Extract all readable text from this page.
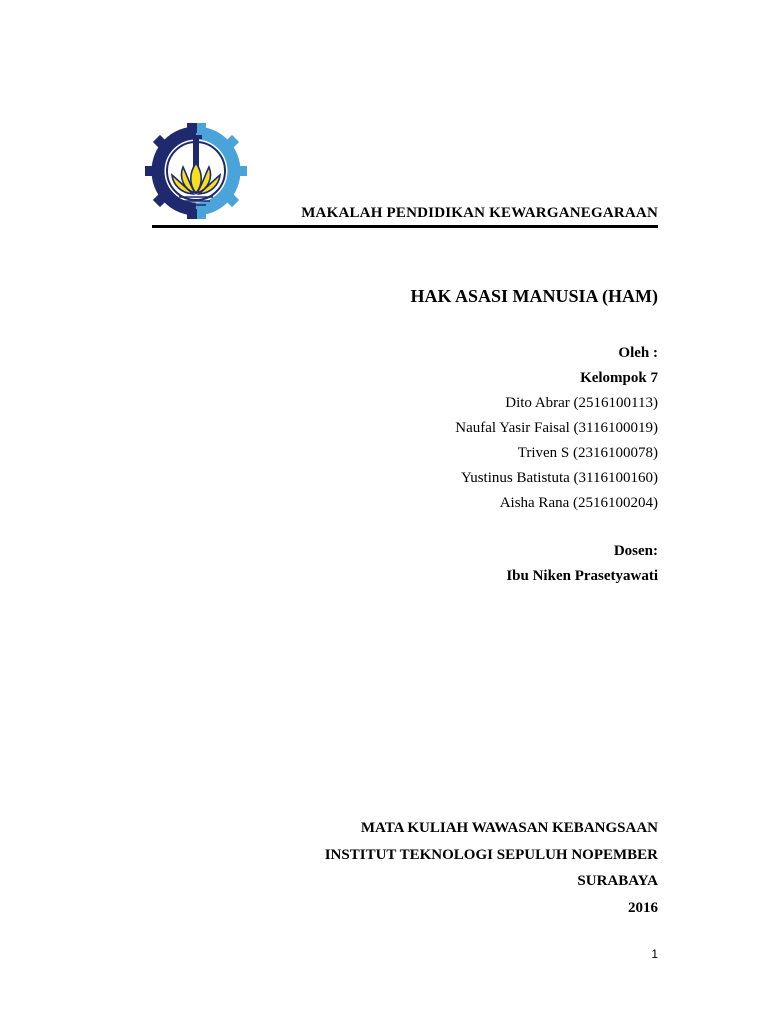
MAKALAH PENDIDIKAN KEWARGANEGARAAN
HAK ASASI MANUSIA (HAM)
Oleh :
Kelompok 7
Dito Abrar (2516100113)
Naufal Yasir Faisal (3116100019)
Triven S (2316100078)
Yustinus Batistuta (3116100160)
Aisha Rana (2516100204)
Dosen:
Ibu Niken Prasetyawati
MATA KULIAH WAWASAN KEBANGSAAN
INSTITUT TEKNOLOGI SEPULUH NOPEMBER
SURABAYA
2016
1
